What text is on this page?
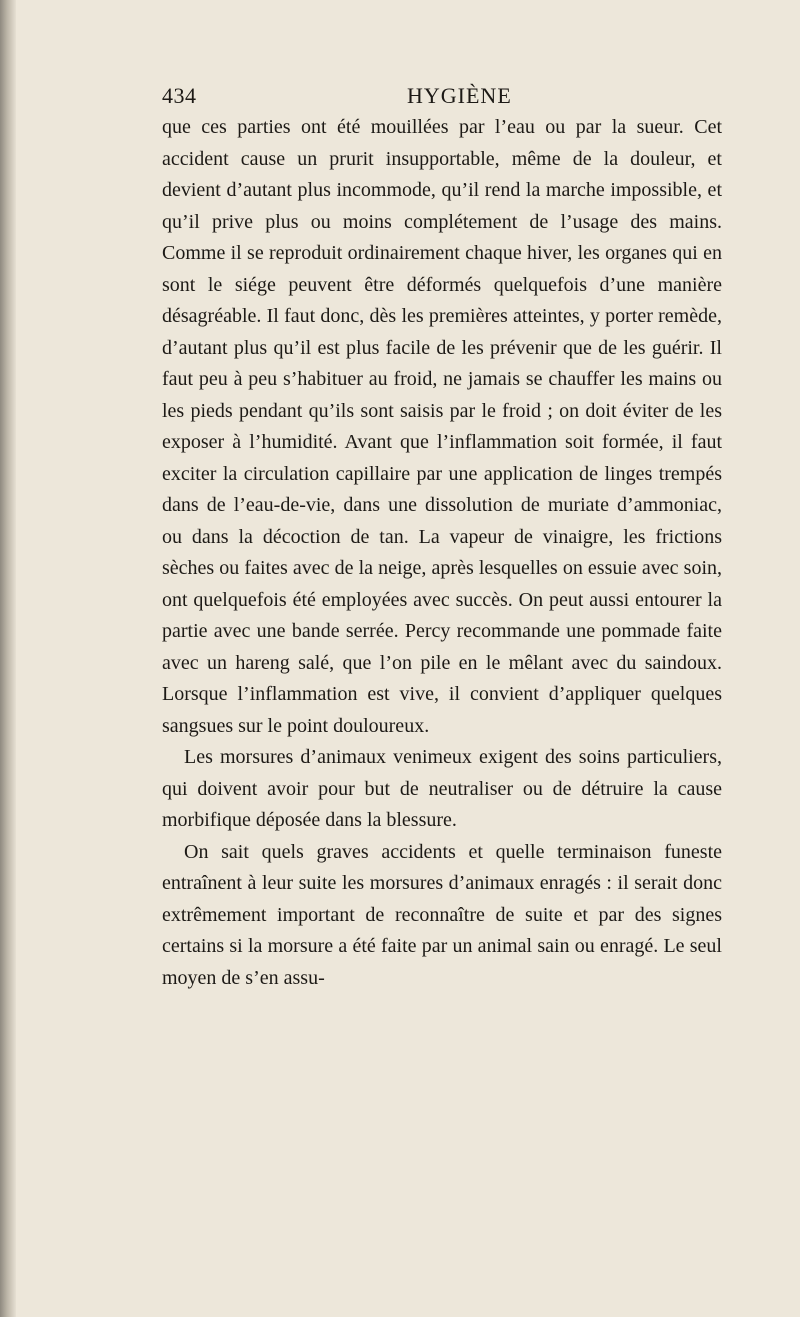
434	HYGIÈNE

que ces parties ont été mouillées par l’eau ou par la sueur. Cet accident cause un prurit insupportable, même de la douleur, et devient d’autant plus incommode, qu’il rend la marche impossible, et qu’il prive plus ou moins complétement de l’usage des mains. Comme il se reproduit ordinairement chaque hiver, les organes qui en sont le siége peuvent être déformés quelquefois d’une manière désagréable. Il faut donc, dès les premières atteintes, y porter remède, d’autant plus qu’il est plus facile de les prévenir que de les guérir. Il faut peu à peu s’habituer au froid, ne jamais se chauffer les mains ou les pieds pendant qu’ils sont saisis par le froid ; on doit éviter de les exposer à l’humidité. Avant que l’inflammation soit formée, il faut exciter la circulation capillaire par une application de linges trempés dans de l’eau-de-vie, dans une dissolution de muriate d’ammoniac, ou dans la décoction de tan. La vapeur de vinaigre, les frictions sèches ou faites avec de la neige, après lesquelles on essuie avec soin, ont quelquefois été employées avec succès. On peut aussi entourer la partie avec une bande serrée. Percy recommande une pommade faite avec un hareng salé, que l’on pile en le mêlant avec du saindoux. Lorsque l’inflammation est vive, il convient d’appliquer quelques sangsues sur le point douloureux.

Les morsures d’animaux venimeux exigent des soins particuliers, qui doivent avoir pour but de neutraliser ou de détruire la cause morbifique déposée dans la blessure.

On sait quels graves accidents et quelle terminaison funeste entraînent à leur suite les morsures d’animaux enragés : il serait donc extrêmement important de reconnaître de suite et par des signes certains si la morsure a été faite par un animal sain ou enragé. Le seul moyen de s’en assu-
